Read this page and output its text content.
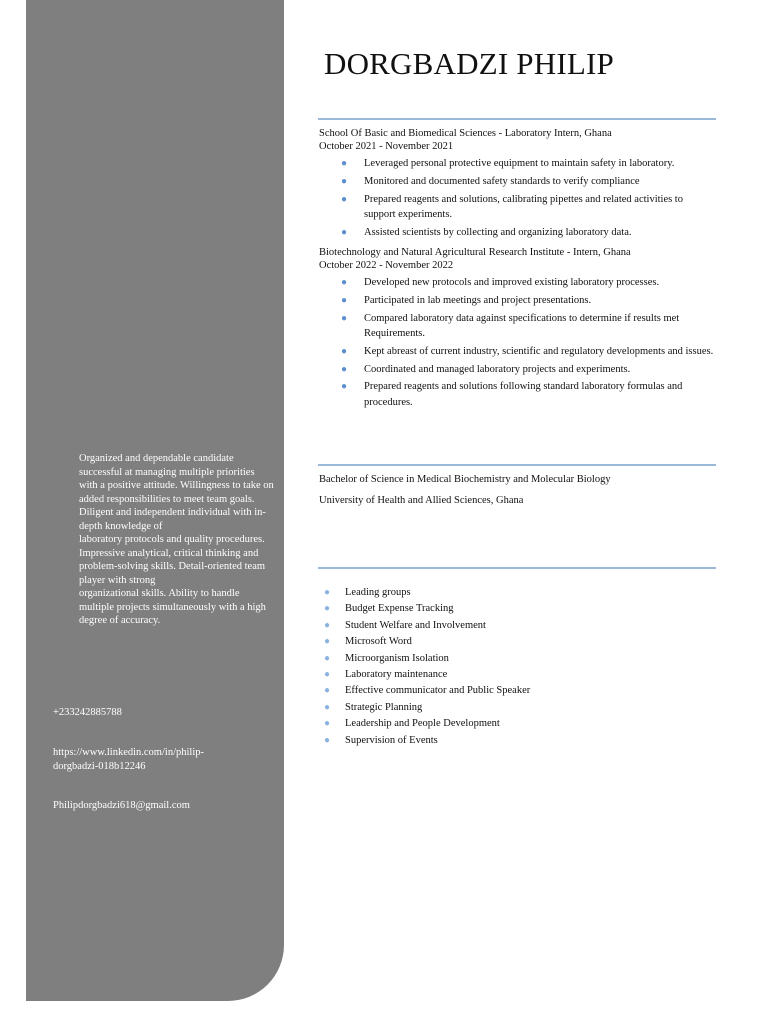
Organized and dependable candidate
successful at managing multiple priorities
with a positive attitude. Willingness to take on
added responsibilities to meet team goals.
Diligent and independent individual with in-
depth knowledge of
laboratory protocols and quality procedures.
Impressive analytical, critical thinking and
problem-solving skills. Detail-oriented team
player with strong
organizational skills. Ability to handle
multiple projects simultaneously with a high
degree of accuracy.

+233242885788

https://www.linkedin.com/in/philip-
dorgbadzi-018b12246

Philipdorgbadzi618@gmail.com

DORGBADZI PHILIP

School Of Basic and Biomedical Sciences - Laboratory Intern, Ghana

October 2021 - November 2021

● Leveraged personal protective equipment to maintain safety in laboratory.
● Monitored and documented safety standards to verify compliance
● Prepared reagents and solutions, calibrating pipettes and related activities to support experiments.
● Assisted scientists by collecting and organizing laboratory data.

Biotechnology and Natural Agricultural Research Institute - Intern, Ghana

October 2022 - November 2022

● Developed new protocols and improved existing laboratory processes.
● Participated in lab meetings and project presentations.
● Compared laboratory data against specifications to determine if results met Requirements.
● Kept abreast of current industry, scientific and regulatory developments and issues.
● Coordinated and managed laboratory projects and experiments.
● Prepared reagents and solutions following standard laboratory formulas and procedures.

Bachelor of Science in Medical Biochemistry and Molecular Biology

University of Health and Allied Sciences, Ghana

● Leading groups
● Budget Expense Tracking
● Student Welfare and Involvement
● Microsoft Word
● Microorganism Isolation
● Laboratory maintenance
● Effective communicator and Public Speaker
● Strategic Planning
● Leadership and People Development
● Supervision of Events
